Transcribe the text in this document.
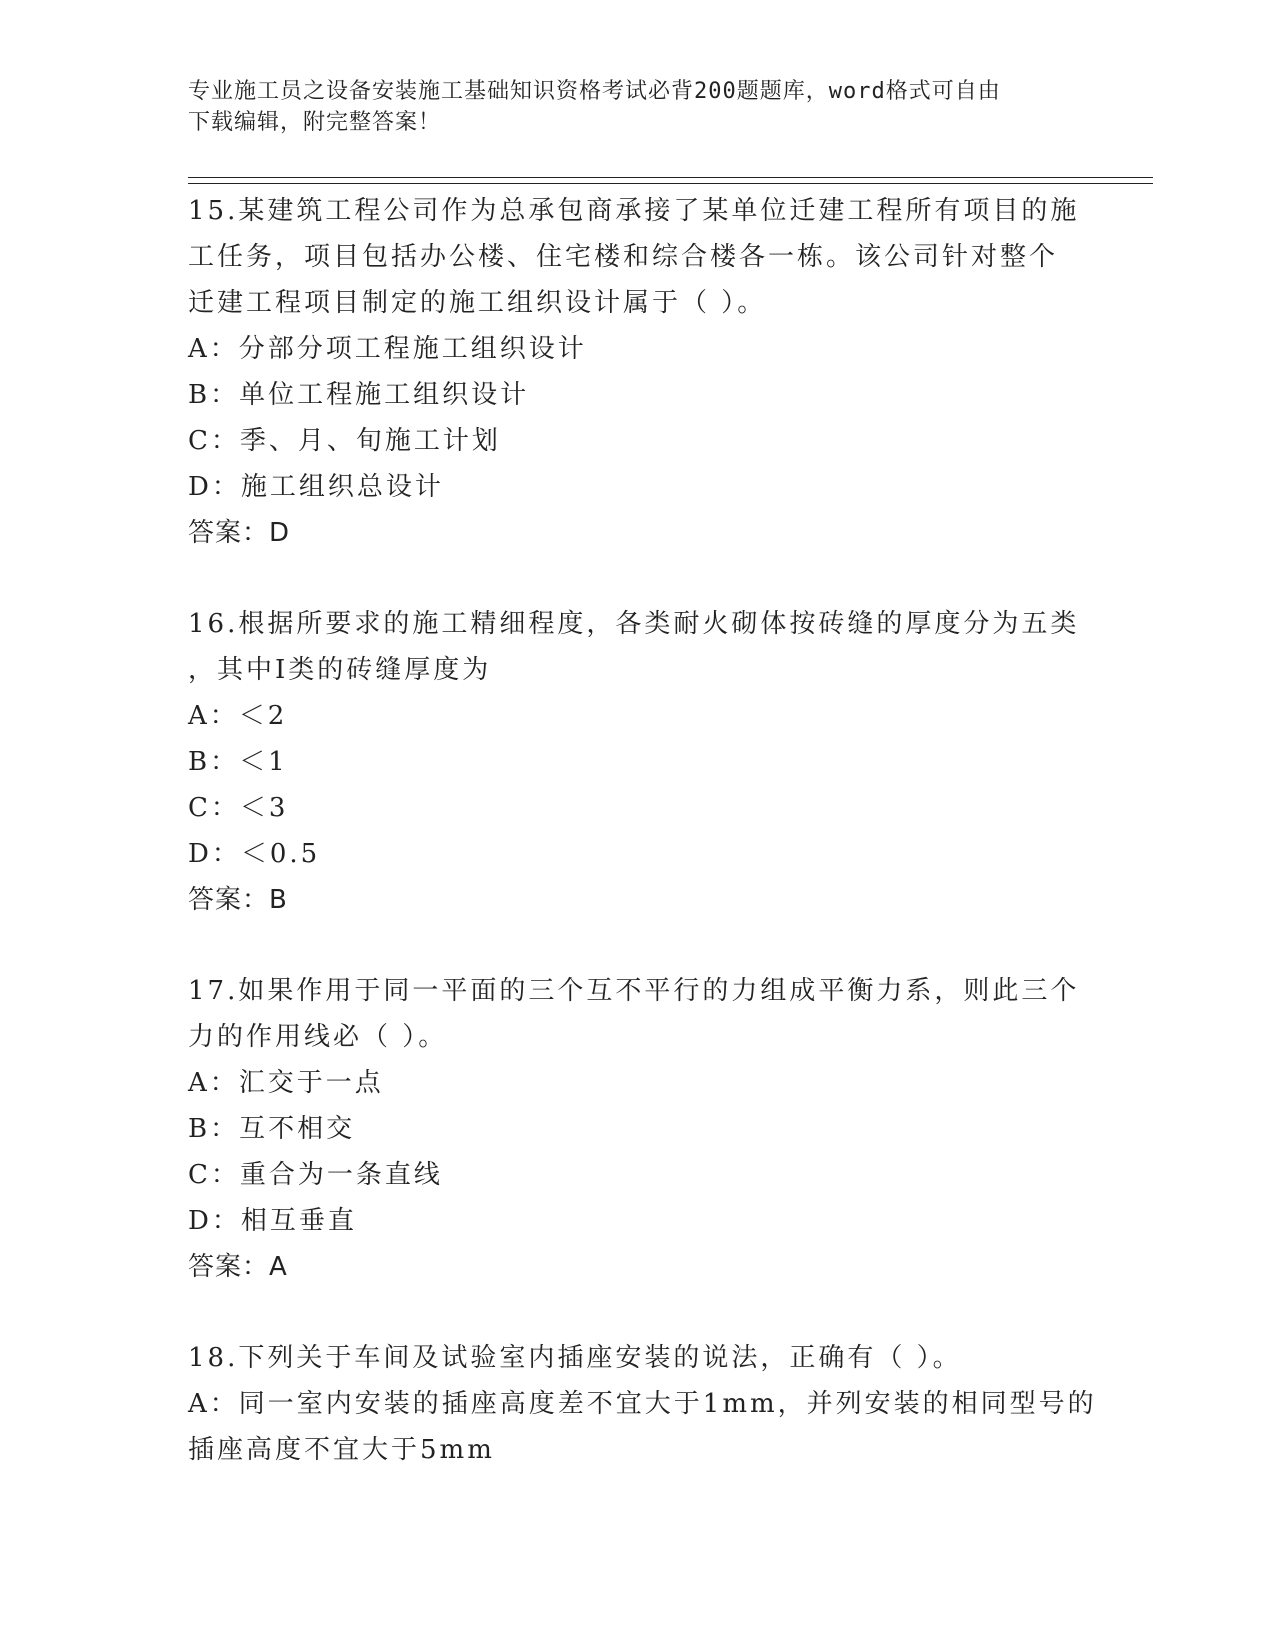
专业施工员之设备安装施工基础知识资格考试必背200题题库，word格式可自由
下载编辑，附完整答案！
15.某建筑工程公司作为总承包商承接了某单位迁建工程所有项目的施
工任务，项目包括办公楼、住宅楼和综合楼各一栋。该公司针对整个
迁建工程项目制定的施工组织设计属于（ ）。
A：分部分项工程施工组织设计
B：单位工程施工组织设计
C：季、月、旬施工计划
D：施工组织总设计
答案：D
16.根据所要求的施工精细程度，各类耐火砌体按砖缝的厚度分为五类
，其中Ⅰ类的砖缝厚度为
A：＜2
B：＜1
C：＜3
D：＜0.5
答案：B
17.如果作用于同一平面的三个互不平行的力组成平衡力系，则此三个
力的作用线必（ ）。
A：汇交于一点
B：互不相交
C：重合为一条直线
D：相互垂直
答案：A
18.下列关于车间及试验室内插座安装的说法，正确有（ ）。
A：同一室内安装的插座高度差不宜大于1mm，并列安装的相同型号的
插座高度不宜大于5mm
